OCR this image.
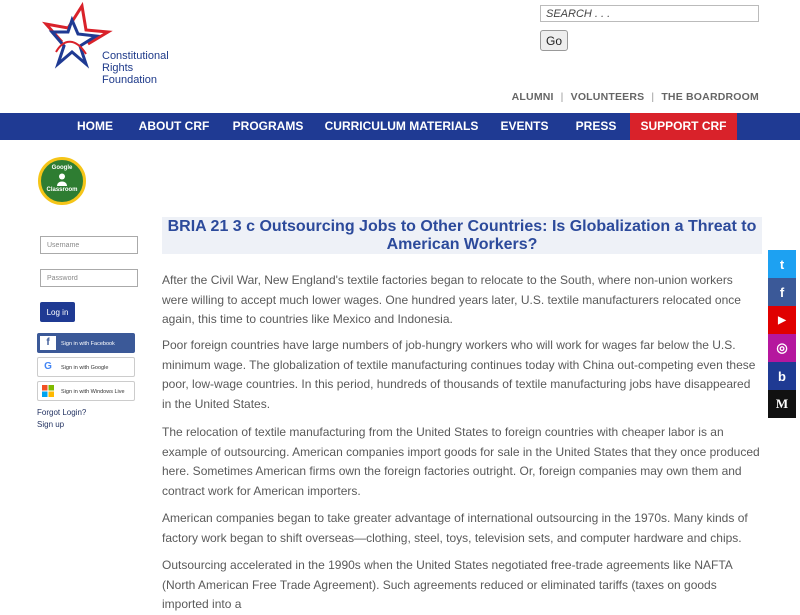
Constitutional
Rights
Foundation
SEARCH . . .
Go
ALUMNI | VOLUNTEERS | THE BOARDROOM
HOME	ABOUT CRF	PROGRAMS	CURRICULUM MATERIALS	EVENTS	PRESS	SUPPORT CRF
Google
Classroom
Username
Log in
f	Sign in with Facebook
G	Sign in with Google
Sign in with Windows Live
Forgot Login?
Sign up
BRIA 21 3 c Outsourcing Jobs to Other Countries: Is Globalization a Threat to American Workers?
After the Civil War, New England's textile factories began to relocate to the South, where non-union workers were willing to accept much lower wages. One hundred years later, U.S. textile manufacturers relocated once again, this time to countries like Mexico and Indonesia.
Poor foreign countries have large numbers of job-hungry workers who will work for wages far below the U.S. minimum wage. The globalization of textile manufacturing continues today with China out-competing even these poor, low-wage countries. In this period, hundreds of thousands of textile manufacturing jobs have disappeared in the United States.
The relocation of textile manufacturing from the United States to foreign countries with cheaper labor is an example of outsourcing. American companies import goods for sale in the United States that they once produced here. Sometimes American firms own the foreign factories outright. Or, foreign companies may own them and contract work for American importers.
American companies began to take greater advantage of international outsourcing in the 1970s. Many kinds of factory work began to shift overseas—clothing, steel, toys, television sets, and computer hardware and chips.
Outsourcing accelerated in the 1990s when the United States negotiated free-trade agreements like NAFTA (North American Free Trade Agreement). Such agreements reduced or eliminated tariffs (taxes on goods imported into a
t
f
▶
◎
b
M
